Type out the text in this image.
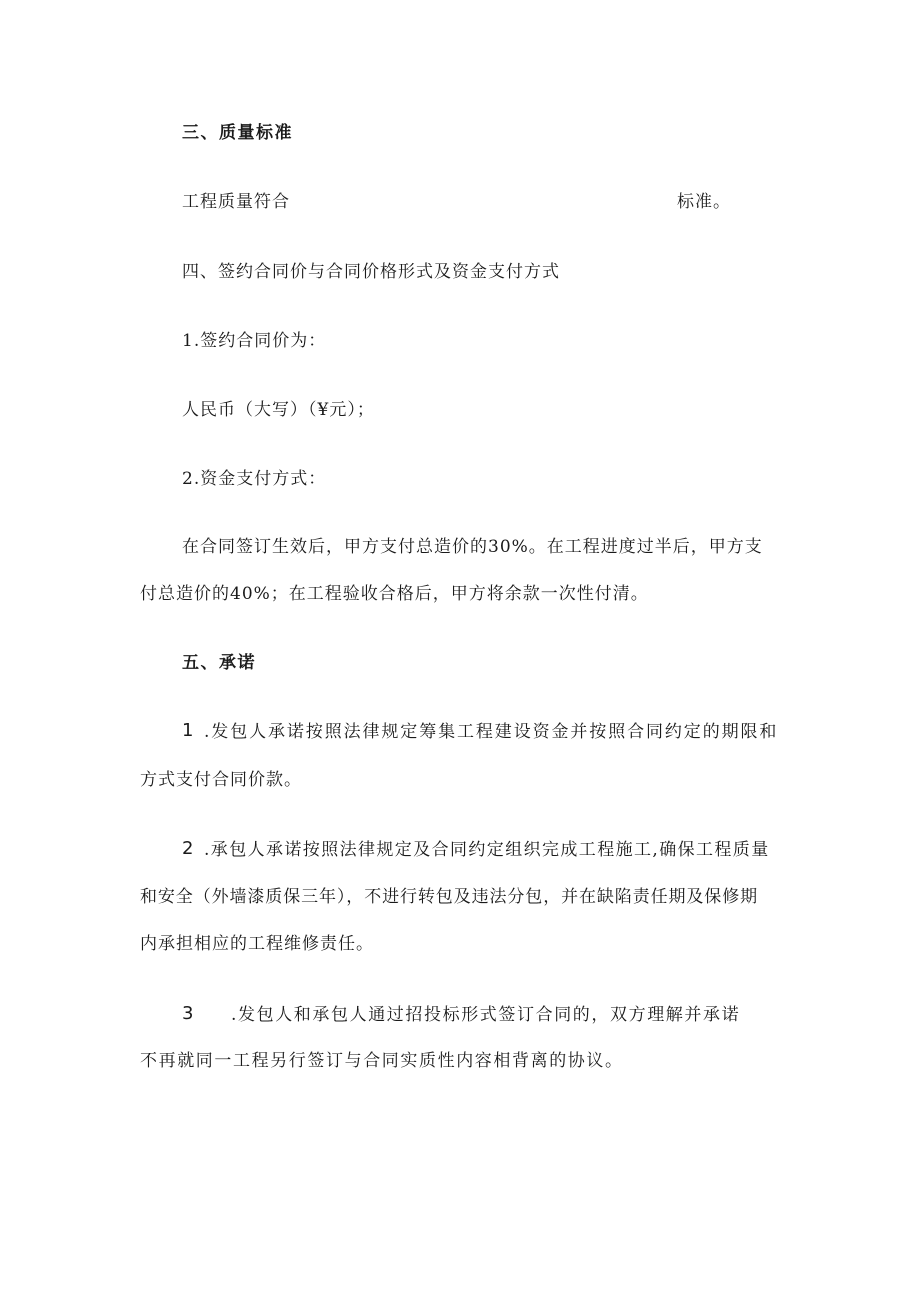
三、质量标准
工程质量符合	标准。
四、签约合同价与合同价格形式及资金支付方式
1.签约合同价为：
人民币（大写）（¥元）；
2.资金支付方式：
在合同签订生效后，甲方支付总造价的30%。在工程进度过半后，甲方支
付总造价的40%；在工程验收合格后，甲方将余款一次性付清。
五、承诺
1 .发包人承诺按照法律规定筹集工程建设资金并按照合同约定的期限和
方式支付合同价款。
2 .承包人承诺按照法律规定及合同约定组织完成工程施工,确保工程质量
和安全（外墙漆质保三年），不进行转包及违法分包，并在缺陷责任期及保修期
内承担相应的工程维修责任。
3 .发包人和承包人通过招投标形式签订合同的，双方理解并承诺
不再就同一工程另行签订与合同实质性内容相背离的协议。
